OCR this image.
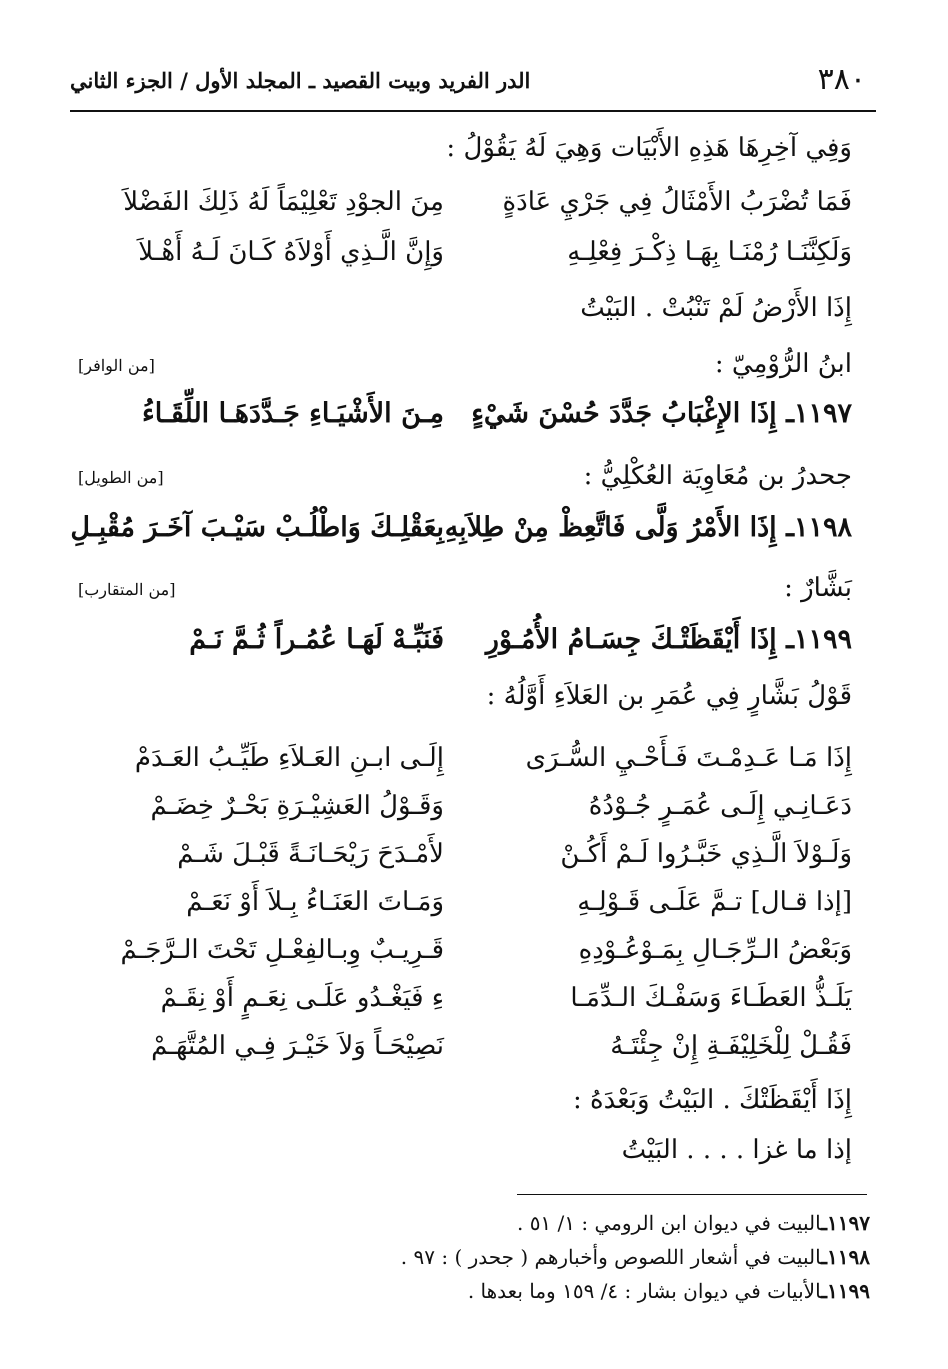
٣٨٠
الدر الفريد وبيت القصيد ـ المجلد الأول / الجزء الثاني
وَفِي آخِرِهَا هَذِهِ الأَبْيَات وَهِيَ لَهُ يَقُوْلُ :
فَمَا تُضْرَبُ الأَمْثَالُ فِي جَرْيِ عَادَةٍ
مِنَ الجوْدِ تَعْلِيْمَاً لَهُ ذَلِكَ الفَضْلاَ
وَلَكِنَّنَـا رُمْنَـا بِهَـا ذِكْـرَ فِعْلِـهِ
وَإِنَّ الَّـذِي أَوْلاَهُ كَـانَ لَـهُ أَهْـلاَ
إِذَا الأَرْضُ لَمْ تَنْبُتْ . البَيْتُ
ابنُ الرُّوْمِيّ :
[من الوافر]
١١٩٧ـ إِذَا الإِغْبَابُ جَدَّدَ حُسْنَ شَيْءٍ
مِـنَ الأَشْيَـاءِ جَـدَّدَهَـا اللِّقَـاءُ
جحدرُ بن مُعَاوِيَة العُكْلِيُّ :
[من الطويل]
١١٩٨ـ إِذَا الأَمْرُ وَلَّى فَاتَّعِظْ مِنْ طِلاَبِهِ
بِعَقْلِـكَ وَاطْلُـبْ سَيْـبَ آخَـرَ مُقْبِـلِ
بَشَّارٌ :
[من المتقارب]
١١٩٩ـ إِذَا أَيْقَظَتْـكَ جِسَـامُ الأُمُـوْرِ
فَنَبِّـهْ لَهَـا عُمُـراً ثُـمَّ نَـمْ
قَوْلُ بَشَّارٍ فِي عُمَرِ بن العَلاَءِ أَوَّلُهُ :
إِذَا مَـا عَـدِمْـتَ فَـأَحْـيِ السُّـرَى
إِلَـى ابـنِ العَـلاَءِ طَيِّـبُ العَـدَمْ
دَعَـانِـي إِلَـى عُمَـرٍ جُـوْدُهُ
وَقَـوْلُ العَشِيْـرَةِ بَحْـرٌ خِضَـمْ
وَلَـوْلاَ الَّـذِي خَبَّـرُوا لَـمْ أَكُـنْ
لأَمْـدَحَ رَيْحَـانَـةً قَبْـلَ شَـمْ
[إذا قـال] تـمَّ عَلَـى قَـوْلِـهِ
وَمَـاتَ العَنَـاءُ بِـلاَ أَوْ نَعَـمْ
وَبَعْضُ الـرِّجَـالِ بِمَـوْعُـوْدِهِ
قَـرِيـبٌ وِبـالفِعْـلِ تَحْتَ الـرَّجَـمْ
يَلَـذُّ العَطَـاءَ وَسَفْـكَ الـدِّمَـا
ءِ فَيَغْـدُو عَلَـى نِعَـمٍ أَوْ نِقَـمْ
فَقُـلْ لِلْخَلِيْفَـةِ إِنْ جِئْتَـهُ
نَصِيْحَـاً وَلاَ خَيْـرَ فِـي المُتَّهَـمْ
إِذَا أَيْقَظَتْكَ . البَيْتُ وَبَعْدَهُ :
إذا ما غزا . . . . البَيْتُ
١١٩٧ـالبيت في ديوان ابن الرومي : ١/ ٥١ .
١١٩٨ـالبيت في أشعار اللصوص وأخبارهم ( جحدر ) : ٩٧ .
١١٩٩ـالأبيات في ديوان بشار : ٤/ ١٥٩ وما بعدها .
